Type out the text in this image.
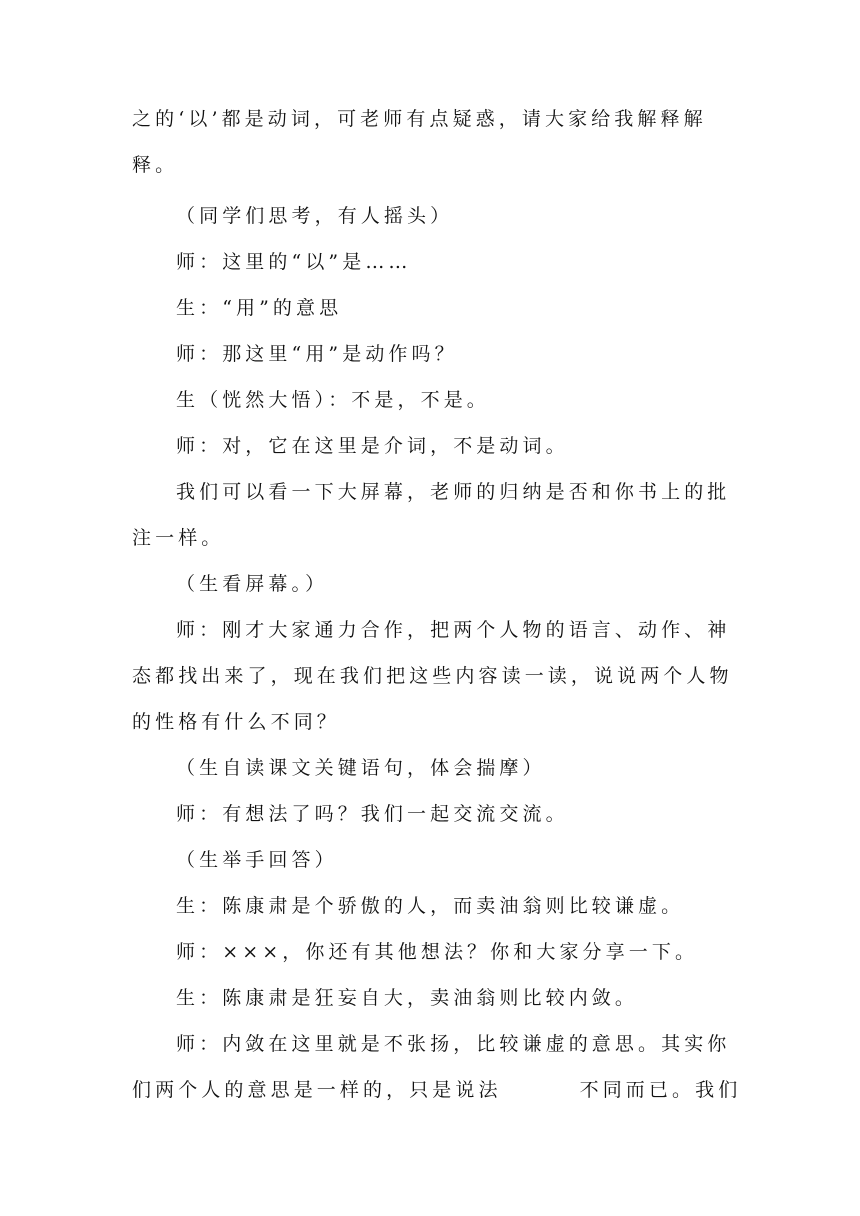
之的‘以’都是动词，可老师有点疑惑，请大家给我解释解
释。
（同学们思考，有人摇头）
师：这里的“以”是……
生：“用”的意思
师：那这里“用”是动作吗？
生（恍然大悟）：不是，不是。
师：对，它在这里是介词，不是动词。
我们可以看一下大屏幕，老师的归纳是否和你书上的批
注一样。
（生看屏幕。）
师：刚才大家通力合作，把两个人物的语言、动作、神
态都找出来了，现在我们把这些内容读一读，说说两个人物
的性格有什么不同？
（生自读课文关键语句，体会揣摩）
师：有想法了吗？我们一起交流交流。
（生举手回答）
生：陈康肃是个骄傲的人，而卖油翁则比较谦虚。
师：×××，你还有其他想法？你和大家分享一下。
生：陈康肃是狂妄自大，卖油翁则比较内敛。
师：内敛在这里就是不张扬，比较谦虚的意思。其实你
们两个人的意思是一样的，只是说法	不同而已。我们
